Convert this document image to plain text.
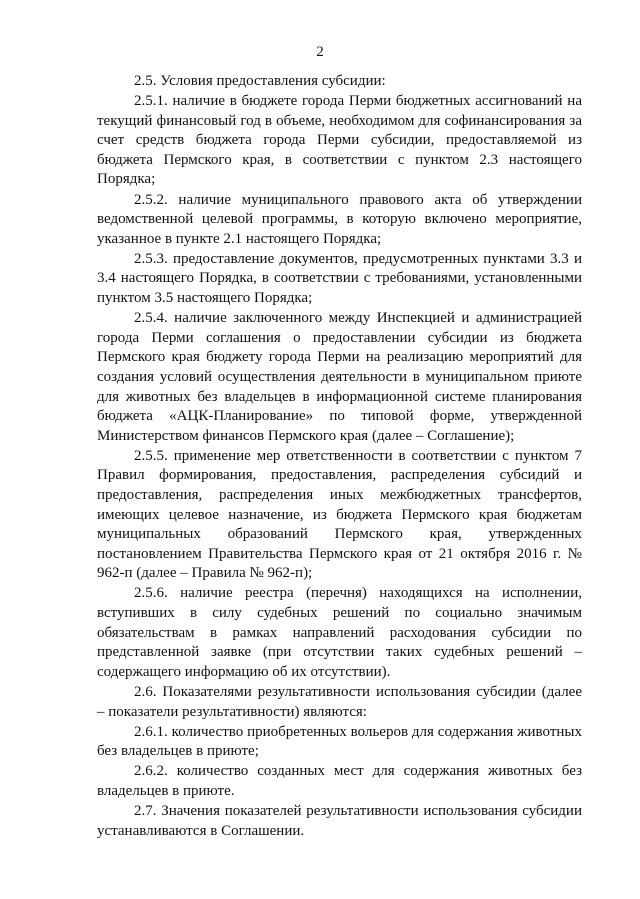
2

2.5. Условия предоставления субсидии:

2.5.1. наличие в бюджете города Перми бюджетных ассигнований на текущий финансовый год в объеме, необходимом для софинансирования за счет средств бюджета города Перми субсидии, предоставляемой из бюджета Пермского края, в соответствии с пунктом 2.3 настоящего Порядка;

2.5.2. наличие муниципального правового акта об утверждении ведомственной целевой программы, в которую включено мероприятие, указанное в пункте 2.1 настоящего Порядка;

2.5.3. предоставление документов, предусмотренных пунктами 3.3 и 3.4 настоящего Порядка, в соответствии с требованиями, установленными пунктом 3.5 настоящего Порядка;

2.5.4. наличие заключенного между Инспекцией и администрацией города Перми соглашения о предоставлении субсидии из бюджета Пермского края бюджету города Перми на реализацию мероприятий для создания условий осуществления деятельности в муниципальном приюте для животных без владельцев в информационной системе планирования бюджета «АЦК-Планирование» по типовой форме, утвержденной Министерством финансов Пермского края (далее – Соглашение);

2.5.5. применение мер ответственности в соответствии с пунктом 7 Правил формирования, предоставления, распределения субсидий и предоставления, распределения иных межбюджетных трансфертов, имеющих целевое назначение, из бюджета Пермского края бюджетам муниципальных образований Пермского края, утвержденных постановлением Правительства Пермского края от 21 октября 2016 г. № 962-п (далее – Правила № 962-п);

2.5.6. наличие реестра (перечня) находящихся на исполнении, вступивших в силу судебных решений по социально значимым обязательствам в рамках направлений расходования субсидии по представленной заявке (при отсутствии таких судебных решений – содержащего информацию об их отсутствии).

2.6. Показателями результативности использования субсидии (далее – показатели результативности) являются:

2.6.1. количество приобретенных вольеров для содержания животных без владельцев в приюте;

2.6.2. количество созданных мест для содержания животных без владельцев в приюте.

2.7. Значения показателей результативности использования субсидии устанавливаются в Соглашении.
